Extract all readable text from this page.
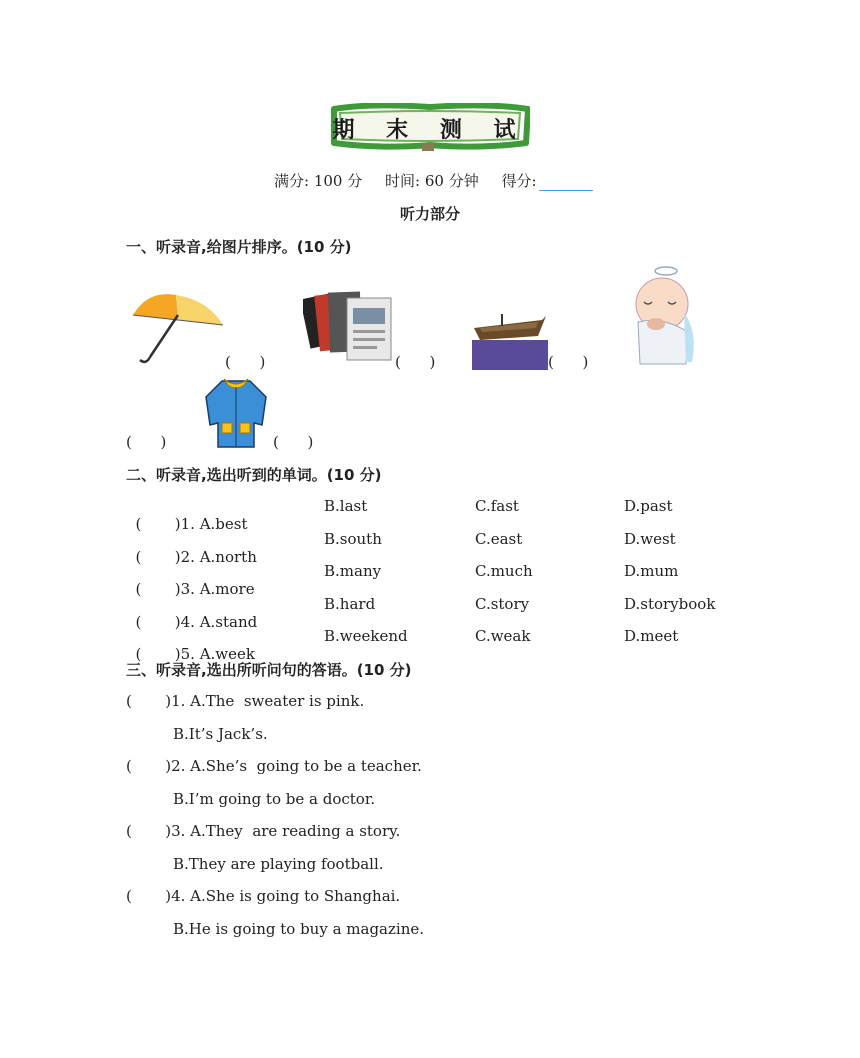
期 末 测 试
满分: 100 分 时间: 60 分钟 得分:
听力部分
一、听录音,给图片排序。(10 分)
(      )	(      )	(      )
(      )	(      )
二、听录音,选出听到的单词。(10 分)

(       )1. A.best

B.last	C.fast	D.past

(       )2. A.north

B.south	C.east	D.west

(       )3. A.more

B.many	C.much	D.mum

(       )4. A.stand

B.hard	C.story	D.storybook

(       )5. A.week

B.weekend	C.weak	D.meet
三、听录音,选出所听问句的答语。(10 分)
(       )1. A.The  sweater is pink.
B.It’s Jack’s.
(       )2. A.She’s  going to be a teacher.
B.I’m going to be a doctor.
(       )3. A.They  are reading a story.
B.They are playing football.
(       )4. A.She is going to Shanghai.
B.He is going to buy a magazine.
